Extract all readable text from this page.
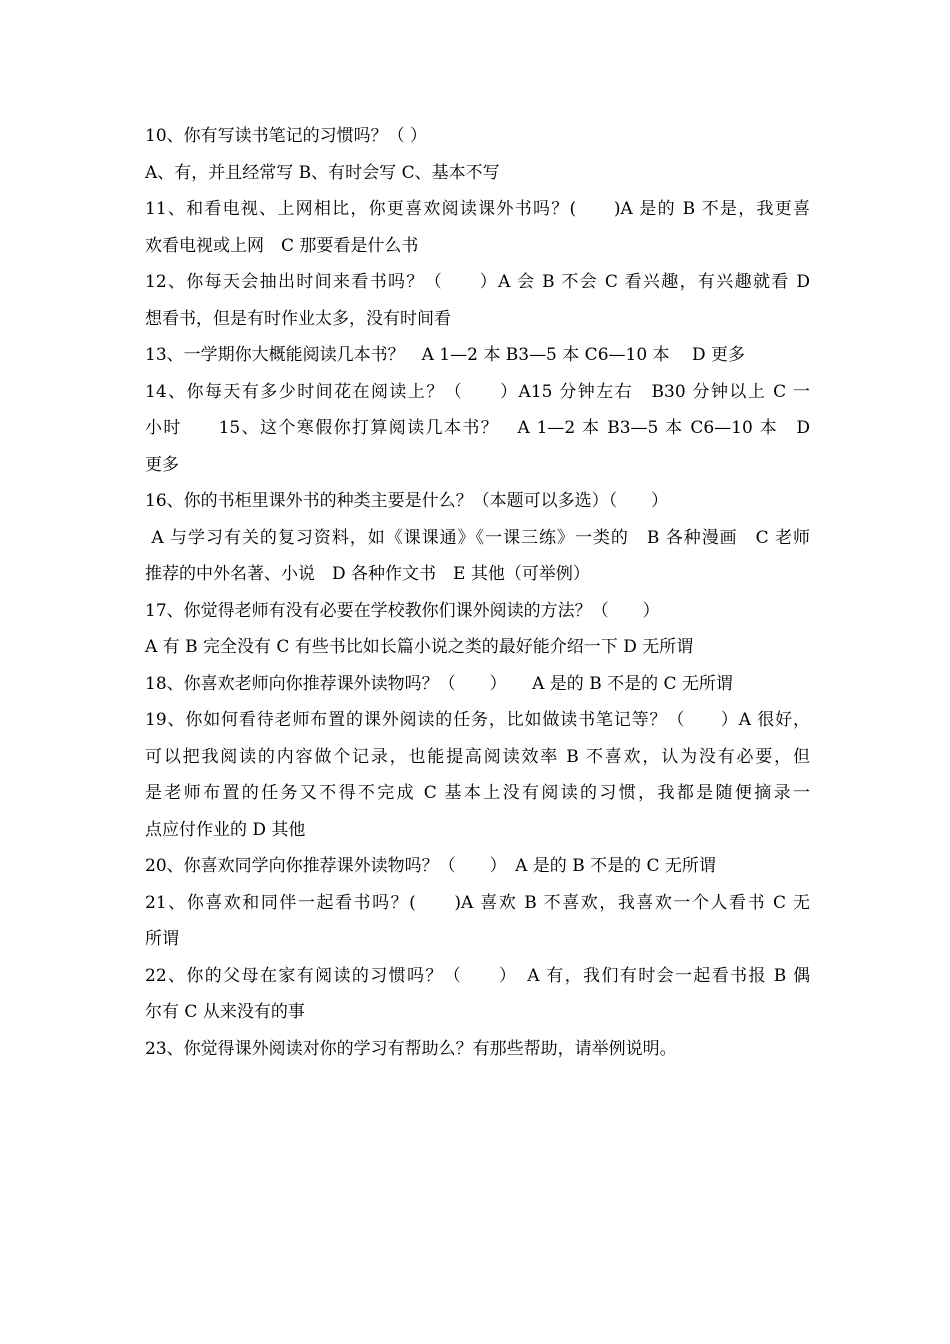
10、你有写读书笔记的习惯吗？（ ）
A、有，并且经常写 B、有时会写 C、基本不写
11、和看电视、上网相比，你更喜欢阅读课外书吗？(　　)A 是的 B 不是，我更喜
欢看电视或上网　C 那要看是什么书
12、你每天会抽出时间来看书吗？（　　）A 会 B 不会 C 看兴趣，有兴趣就看 D
想看书，但是有时作业太多，没有时间看
13、一学期你大概能阅读几本书？　A 1—2 本 B3—5 本 C6—10 本　 D 更多
14、你每天有多少时间花在阅读上？（　　）A15 分钟左右　B30 分钟以上 C 一
小时　　15、这个寒假你打算阅读几本书？　A 1—2 本 B3—5 本 C6—10 本　D
更多
16、你的书柜里课外书的种类主要是什么？（本题可以多选）（　　）
A 与学习有关的复习资料，如《课课通》《一课三练》一类的　B 各种漫画　C 老师
推荐的中外名著、小说　D 各种作文书　E 其他（可举例）
17、你觉得老师有没有必要在学校教你们课外阅读的方法？（　　）
A 有 B 完全没有 C 有些书比如长篇小说之类的最好能介绍一下 D 无所谓
18、你喜欢老师向你推荐课外读物吗？（　　）　　A 是的 B 不是的 C 无所谓
19、你如何看待老师布置的课外阅读的任务，比如做读书笔记等？（　　）A 很好，
可以把我阅读的内容做个记录，也能提高阅读效率 B 不喜欢，认为没有必要，但
是老师布置的任务又不得不完成 C 基本上没有阅读的习惯，我都是随便摘录一
点应付作业的 D 其他
20、你喜欢同学向你推荐课外读物吗？（　　）　A 是的 B 不是的 C 无所谓
21、你喜欢和同伴一起看书吗？(　　)A 喜欢 B 不喜欢，我喜欢一个人看书 C 无
所谓
22、你的父母在家有阅读的习惯吗？（　　）　A 有，我们有时会一起看书报 B 偶
尔有 C 从来没有的事
23、你觉得课外阅读对你的学习有帮助么？有那些帮助，请举例说明。
